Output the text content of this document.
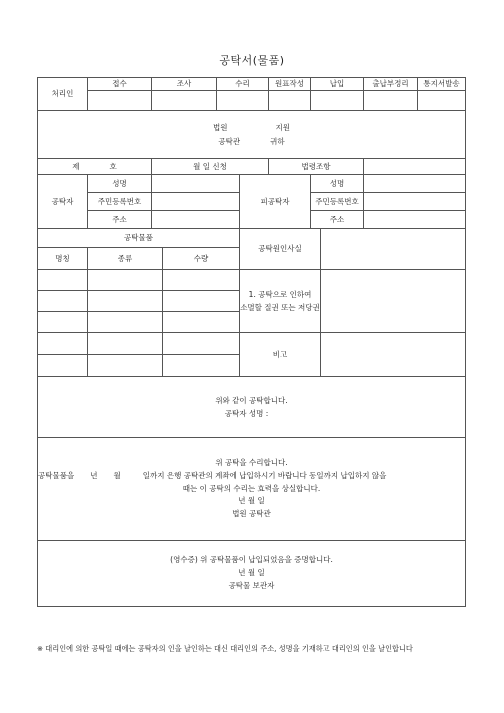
공탁서(물품)
처리인	접수	조사		수리		원표작성	납입		출납부정리	통지서발송

법원 지원

공탁관 귀하										

제 호		월 일 신청				법령조항				
공탁자	성명				피공탁자		성명			
	주민등록번호						주민등록번호			
	주소						주소			
공탁물품					공탁원인사실					
명칭	종류		수량							

					1. 공탁으로 인하여

소멸할 질권 또는 저당권					

					비고					

위와 같이 공탁합니다.

공탁자 성명 :										

위 공탁을 수리합니다.

공탁물품을 년 월 일까지 은행 공탁관의 계좌에 납입하시기 바랍니다 동일까지 납입하지 않을

때는 이 공탁의 수리는 효력을 상실합니다.

년 월 일

법원 공탁관										

(영수증) 위 공탁물품이 납입되었음을 증명합니다.

년 월 일

공탁물 보관자										

※ 대리인에 의한 공탁일 때에는 공탁자의 인을 날인하는 대신 대리인의 주소, 성명을 기재하고 대리인의 인을 날인합니다
